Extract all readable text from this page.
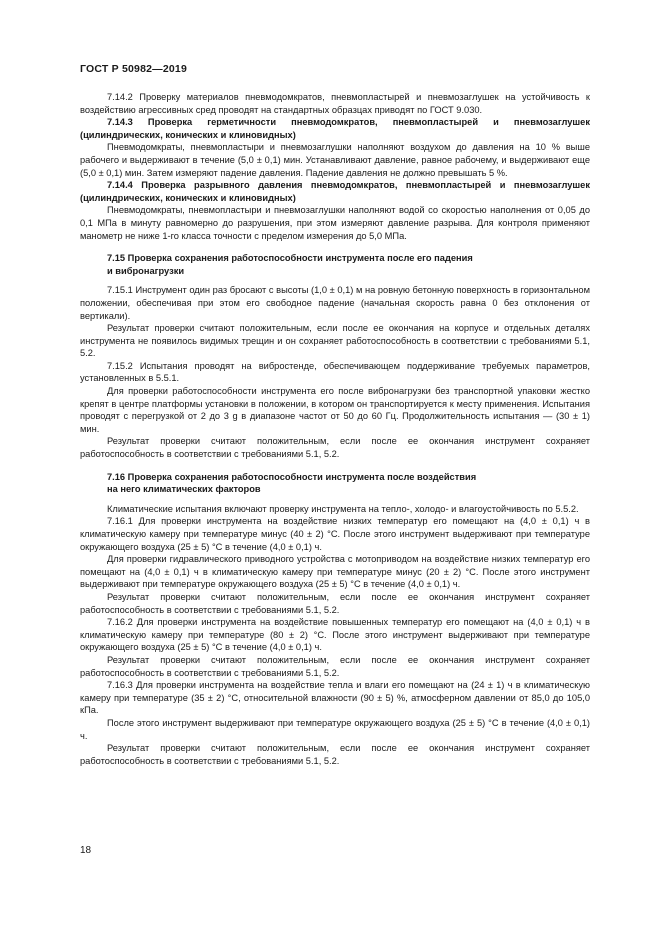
ГОСТ Р 50982—2019

7.14.2 Проверку материалов пневмодомкратов, пневмопластырей и пневмозаглушек на устойчивость к воздействию агрессивных сред проводят на стандартных образцах приводят по ГОСТ 9.030.

7.14.3 Проверка герметичности пневмодомкратов, пневмопластырей и пневмозаглушек (цилиндрических, конических и клиновидных)

Пневмодомкраты, пневмопластыри и пневмозаглушки наполняют воздухом до давления на 10 % выше рабочего и выдерживают в течение (5,0 ± 0,1) мин. Устанавливают давление, равное рабочему, и выдерживают еще (5,0 ± 0,1) мин. Затем измеряют падение давления. Падение давления не должно превышать 5 %.

7.14.4 Проверка разрывного давления пневмодомкратов, пневмопластырей и пневмозаглушек (цилиндрических, конических и клиновидных)

Пневмодомкраты, пневмопластыри и пневмозаглушки наполняют водой со скоростью наполнения от 0,05 до 0,1 МПа в минуту равномерно до разрушения, при этом измеряют давление разрыва. Для контроля применяют манометр не ниже 1-го класса точности с пределом измерения до 5,0 МПа.

7.15 Проверка сохранения работоспособности инструмента после его падения
и вибронагрузки

7.15.1 Инструмент один раз бросают с высоты (1,0 ± 0,1) м на ровную бетонную поверхность в горизонтальном положении, обеспечивая при этом его свободное падение (начальная скорость равна 0 без отклонения от вертикали).

Результат проверки считают положительным, если после ее окончания на корпусе и отдельных деталях инструмента не появилось видимых трещин и он сохраняет работоспособность в соответствии с требованиями 5.1, 5.2.

7.15.2 Испытания проводят на вибростенде, обеспечивающем поддерживание требуемых параметров, установленных в 5.5.1.

Для проверки работоспособности инструмента его после вибронагрузки без транспортной упаковки жестко крепят в центре платформы установки в положении, в котором он транспортируется к месту применения. Испытания проводят с перегрузкой от 2 до 3 g в диапазоне частот от 50 до 60 Гц. Продолжительность испытания — (30 ± 1) мин.

Результат проверки считают положительным, если после ее окончания инструмент сохраняет работоспособность в соответствии с требованиями 5.1, 5.2.

7.16 Проверка сохранения работоспособности инструмента после воздействия
на него климатических факторов

Климатические испытания включают проверку инструмента на тепло-, холодо- и влагоустойчивость по 5.5.2.

7.16.1 Для проверки инструмента на воздействие низких температур его помещают на (4,0 ± 0,1) ч в климатическую камеру при температуре минус (40 ± 2) °C. После этого инструмент выдерживают при температуре окружающего воздуха (25 ± 5) °C в течение (4,0 ± 0,1) ч.

Для проверки гидравлического приводного устройства с мотоприводом на воздействие низких температур его помещают на (4,0 ± 0,1) ч в климатическую камеру при температуре минус (20 ± 2) °C. После этого инструмент выдерживают при температуре окружающего воздуха (25 ± 5) °C в течение (4,0 ± 0,1) ч.

Результат проверки считают положительным, если после ее окончания инструмент сохраняет работоспособность в соответствии с требованиями 5.1, 5.2.

7.16.2 Для проверки инструмента на воздействие повышенных температур его помещают на (4,0 ± 0,1) ч в климатическую камеру при температуре (80 ± 2) °C. После этого инструмент выдерживают при температуре окружающего воздуха (25 ± 5) °C в течение (4,0 ± 0,1) ч.

Результат проверки считают положительным, если после ее окончания инструмент сохраняет работоспособность в соответствии с требованиями 5.1, 5.2.

7.16.3 Для проверки инструмента на воздействие тепла и влаги его помещают на (24 ± 1) ч в климатическую камеру при температуре (35 ± 2) °C, относительной влажности (90 ± 5) %, атмосферном давлении от 85,0 до 105,0 кПа.

После этого инструмент выдерживают при температуре окружающего воздуха (25 ± 5) °C в течение (4,0 ± 0,1) ч.

Результат проверки считают положительным, если после ее окончания инструмент сохраняет работоспособность в соответствии с требованиями 5.1, 5.2.

18
